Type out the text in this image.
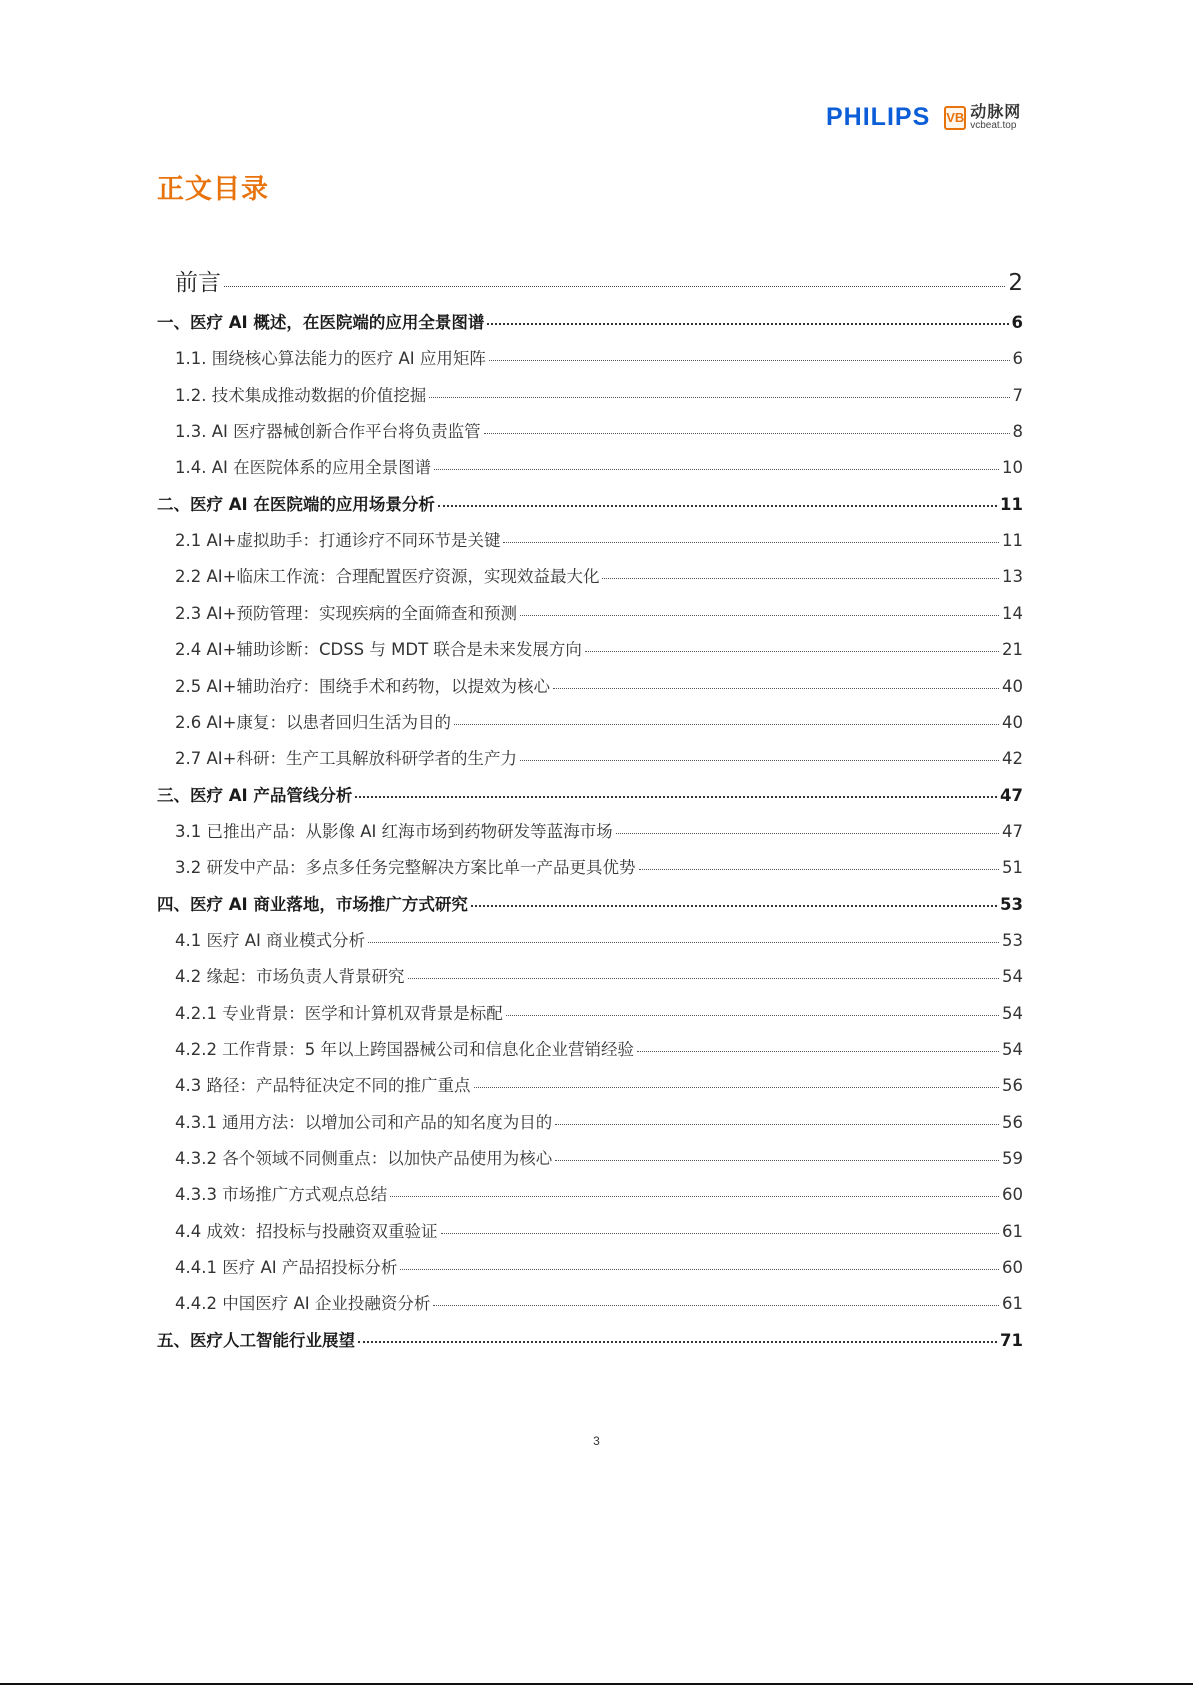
PHILIPS VB 动脉网
vcbeat.top
正文目录
前言	2
一、医疗 AI 概述，在医院端的应用全景图谱	6
1.1. 围绕核心算法能力的医疗 AI 应用矩阵	6
1.2. 技术集成推动数据的价值挖掘	7
1.3. AI 医疗器械创新合作平台将负责监管	8
1.4. AI 在医院体系的应用全景图谱	10
二、医疗 AI 在医院端的应用场景分析	11
2.1 AI+虚拟助手：打通诊疗不同环节是关键	11
2.2 AI+临床工作流：合理配置医疗资源，实现效益最大化	13
2.3 AI+预防管理：实现疾病的全面筛查和预测	14
2.4 AI+辅助诊断：CDSS 与 MDT 联合是未来发展方向	21
2.5 AI+辅助治疗：围绕手术和药物，以提效为核心	40
2.6 AI+康复：以患者回归生活为目的	40
2.7 AI+科研：生产工具解放科研学者的生产力	42
三、医疗 AI 产品管线分析	47
3.1 已推出产品：从影像 AI 红海市场到药物研发等蓝海市场	47
3.2 研发中产品：多点多任务完整解决方案比单一产品更具优势	51
四、医疗 AI 商业落地，市场推广方式研究	53
4.1 医疗 AI 商业模式分析	53
4.2 缘起：市场负责人背景研究	54
4.2.1 专业背景：医学和计算机双背景是标配	54
4.2.2 工作背景：5 年以上跨国器械公司和信息化企业营销经验	54
4.3 路径：产品特征决定不同的推广重点	56
4.3.1 通用方法：以增加公司和产品的知名度为目的	56
4.3.2 各个领域不同侧重点：以加快产品使用为核心	59
4.3.3 市场推广方式观点总结	60
4.4 成效：招投标与投融资双重验证	61
4.4.1 医疗 AI 产品招投标分析	60
4.4.2 中国医疗 AI 企业投融资分析	61
五、医疗人工智能行业展望	71
3
